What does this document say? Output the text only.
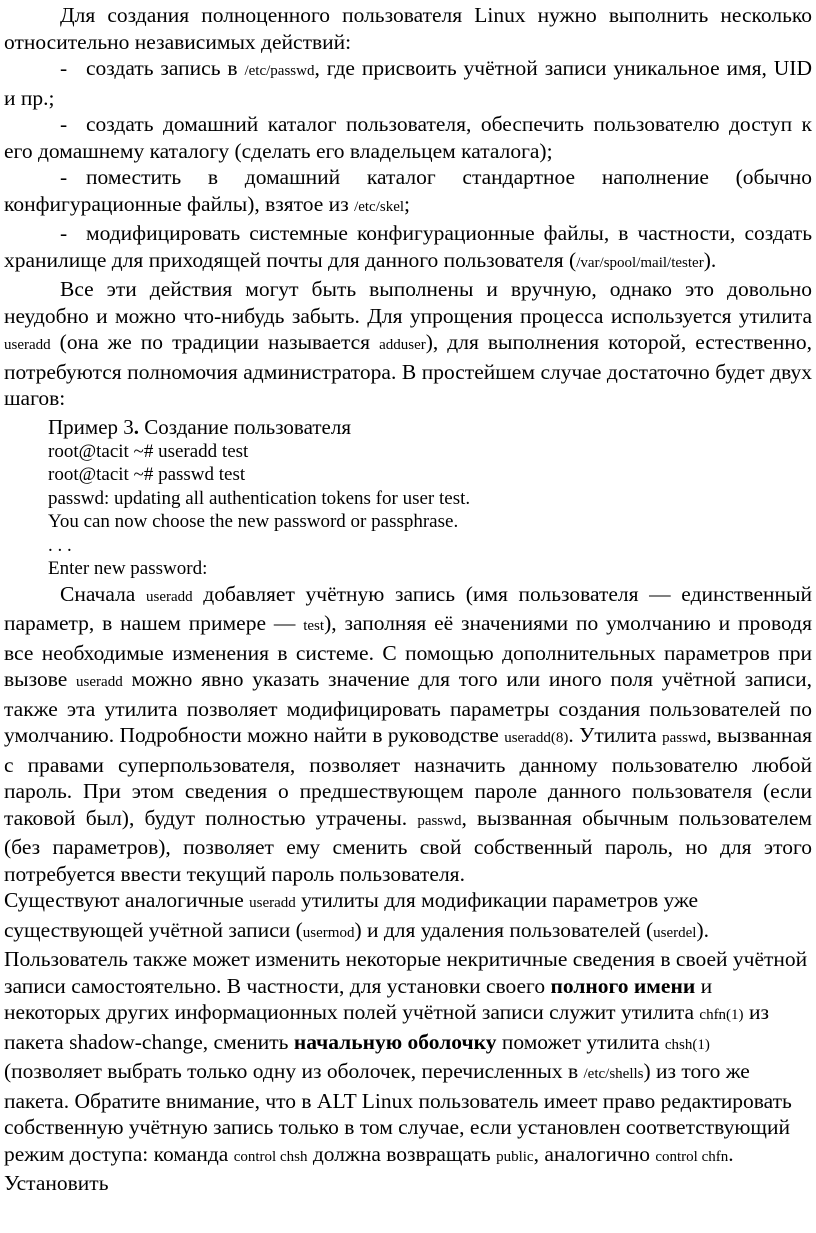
Для создания полноценного пользователя Linux нужно выполнить несколько относительно независимых действий:

- создать запись в /etc/passwd, где присвоить учётной записи уникальное имя, UID и пр.;

- создать домашний каталог пользователя, обеспечить пользователю доступ к его домашнему каталогу (сделать его владельцем каталога);

- поместить в домашний каталог стандартное наполнение (обычно конфигурационные файлы), взятое из /etc/skel;

- модифицировать системные конфигурационные файлы, в частности, создать хранилище для приходящей почты для данного пользователя (/var/spool/mail/tester).

Все эти действия могут быть выполнены и вручную, однако это довольно неудобно и можно что-нибудь забыть. Для упрощения процесса используется утилита useradd (она же по традиции называется adduser), для выполнения которой, естественно, потребуются полномочия администратора. В простейшем случае достаточно будет двух шагов:

Пример 3. Создание пользователя

root@tacit ~# useradd test

root@tacit ~# passwd test

passwd: updating all authentication tokens for user test.

You can now choose the new password or passphrase.

. . .

Enter new password:

Сначала useradd добавляет учётную запись (имя пользователя — единственный параметр, в нашем примере — test), заполняя её значениями по умолчанию и проводя все необходимые изменения в системе. С помощью дополнительных параметров при вызове useradd можно явно указать значение для того или иного поля учётной записи, также эта утилита позволяет модифицировать параметры создания пользователей по умолчанию. Подробности можно найти в руководстве useradd(8). Утилита passwd, вызванная с правами суперпользователя, позволяет назначить данному пользователю любой пароль. При этом сведения о предшествующем пароле данного пользователя (если таковой был), будут полностью утрачены. passwd, вызванная обычным пользователем (без параметров), позволяет ему сменить свой собственный пароль, но для этого потребуется ввести текущий пароль пользователя.

Существуют аналогичные useradd утилиты для модификации параметров уже существующей учётной записи (usermod) и для удаления пользователей (userdel). Пользователь также может изменить некоторые некритичные сведения в своей учётной записи самостоятельно. В частности, для установки своего полного имени и некоторых других информационных полей учётной записи служит утилита chfn(1) из пакета shadow-change, сменить начальную оболочку поможет утилита chsh(1) (позволяет выбрать только одну из оболочек, перечисленных в /etc/shells) из того же пакета. Обратите внимание, что в ALT Linux пользователь имеет право редактировать собственную учётную запись только в том случае, если установлен соответствующий режим доступа: команда control chsh должна возвращать public, аналогично control chfn. Установить
